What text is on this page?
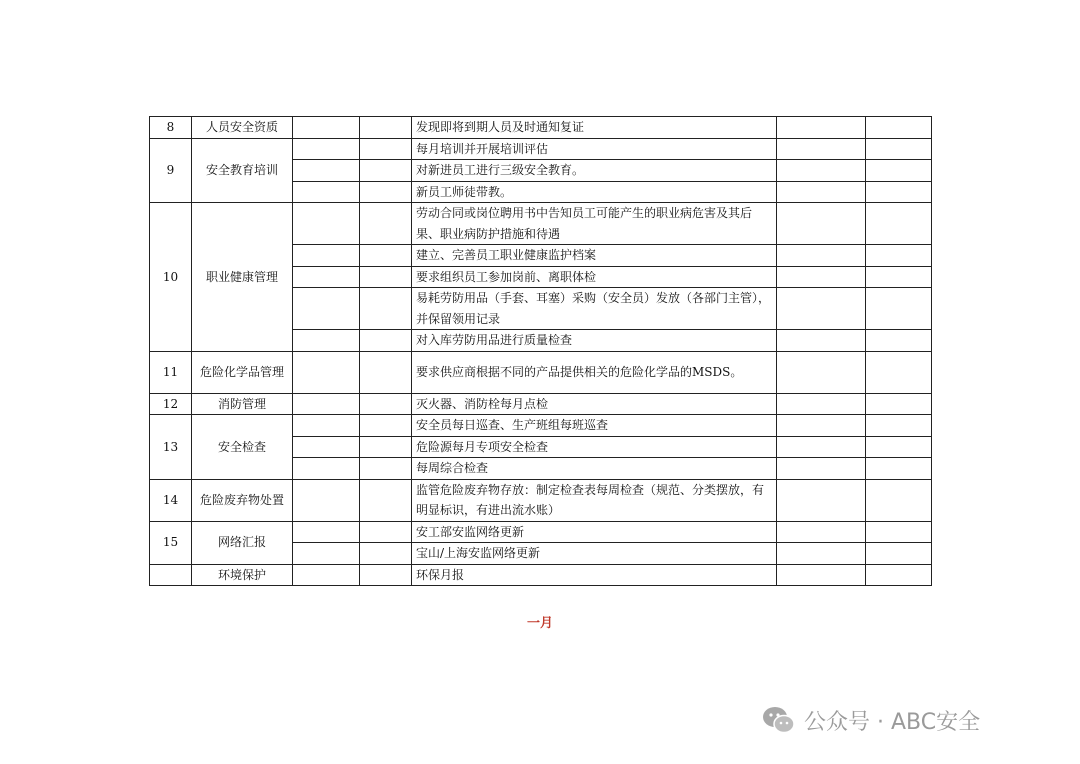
8	人员安全资质			发现即将到期人员及时通知复证		
9	安全教育培训			每月培训并开展培训评估		
				对新进员工进行三级安全教育。		
				新员工师徒带教。		
10	职业健康管理			劳动合同或岗位聘用书中告知员工可能产生的职业病危害及其后果、职业病防护措施和待遇		
				建立、完善员工职业健康监护档案		
				要求组织员工参加岗前、离职体检		
				易耗劳防用品（手套、耳塞）采购（安全员）发放（各部门主管），并保留领用记录		
				对入库劳防用品进行质量检查		
11	危险化学品管理			要求供应商根据不同的产品提供相关的危险化学品的MSDS。		
12	消防管理			灭火器、消防栓每月点检		
13	安全检查			安全员每日巡查、生产班组每班巡查		
				危险源每月专项安全检查		
				每周综合检查		
14	危险废弃物处置			监管危险废弃物存放：制定检查表每周检查（规范、分类摆放，有明显标识，有进出流水账）		
15	网络汇报			安工部安监网络更新		
				宝山/上海安监网络更新		
	环境保护			环保月报		
一月
公众号 · ABC安全
